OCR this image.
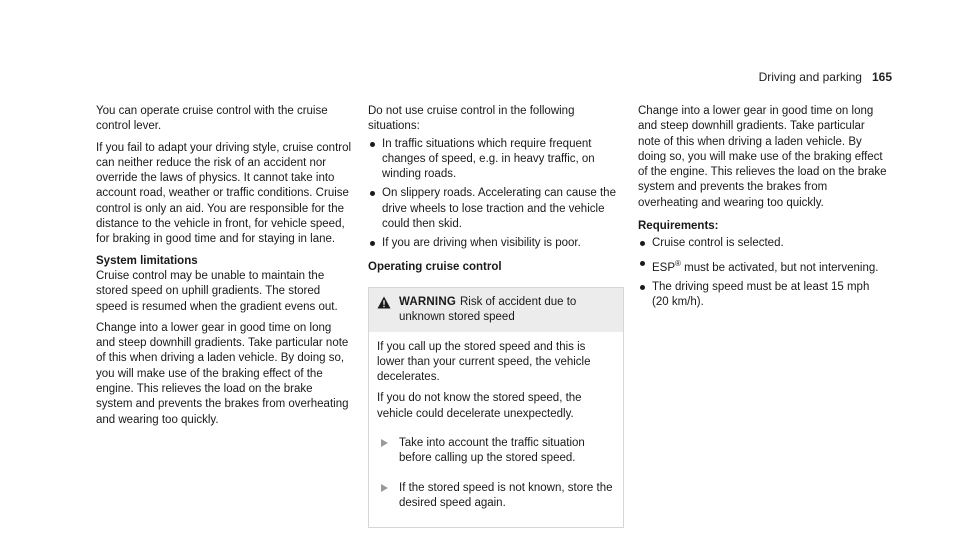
Driving and parking 165

You can operate cruise control with the cruise control lever.

If you fail to adapt your driving style, cruise control can neither reduce the risk of an accident nor override the laws of physics. It cannot take into account road, weather or traffic conditions. Cruise control is only an aid. You are responsible for the distance to the vehicle in front, for vehicle speed, for braking in good time and for staying in lane.

System limitations

Cruise control may be unable to maintain the stored speed on uphill gradients. The stored speed is resumed when the gradient evens out.

Change into a lower gear in good time on long and steep downhill gradients. Take particular note of this when driving a laden vehicle. By doing so, you will make use of the braking effect of the engine. This relieves the load on the brake system and prevents the brakes from overheating and wearing too quickly.

Do not use cruise control in the following situations:

In traffic situations which require frequent changes of speed, e.g. in heavy traffic, on winding roads.
On slippery roads. Accelerating can cause the drive wheels to lose traction and the vehicle could then skid.
If you are driving when visibility is poor.

Operating cruise control

WARNING Risk of accident due to unknown stored speed

If you call up the stored speed and this is lower than your current speed, the vehicle decelerates.

If you do not know the stored speed, the vehicle could decelerate unexpectedly.

Take into account the traffic situation before calling up the stored speed.
If the stored speed is not known, store the desired speed again.

Change into a lower gear in good time on long and steep downhill gradients. Take particular note of this when driving a laden vehicle. By doing so, you will make use of the braking effect of the engine. This relieves the load on the brake system and prevents the brakes from overheating and wearing too quickly.

Requirements:

Cruise control is selected.
ESP® must be activated, but not intervening.
The driving speed must be at least 15 mph (20 km/h).
